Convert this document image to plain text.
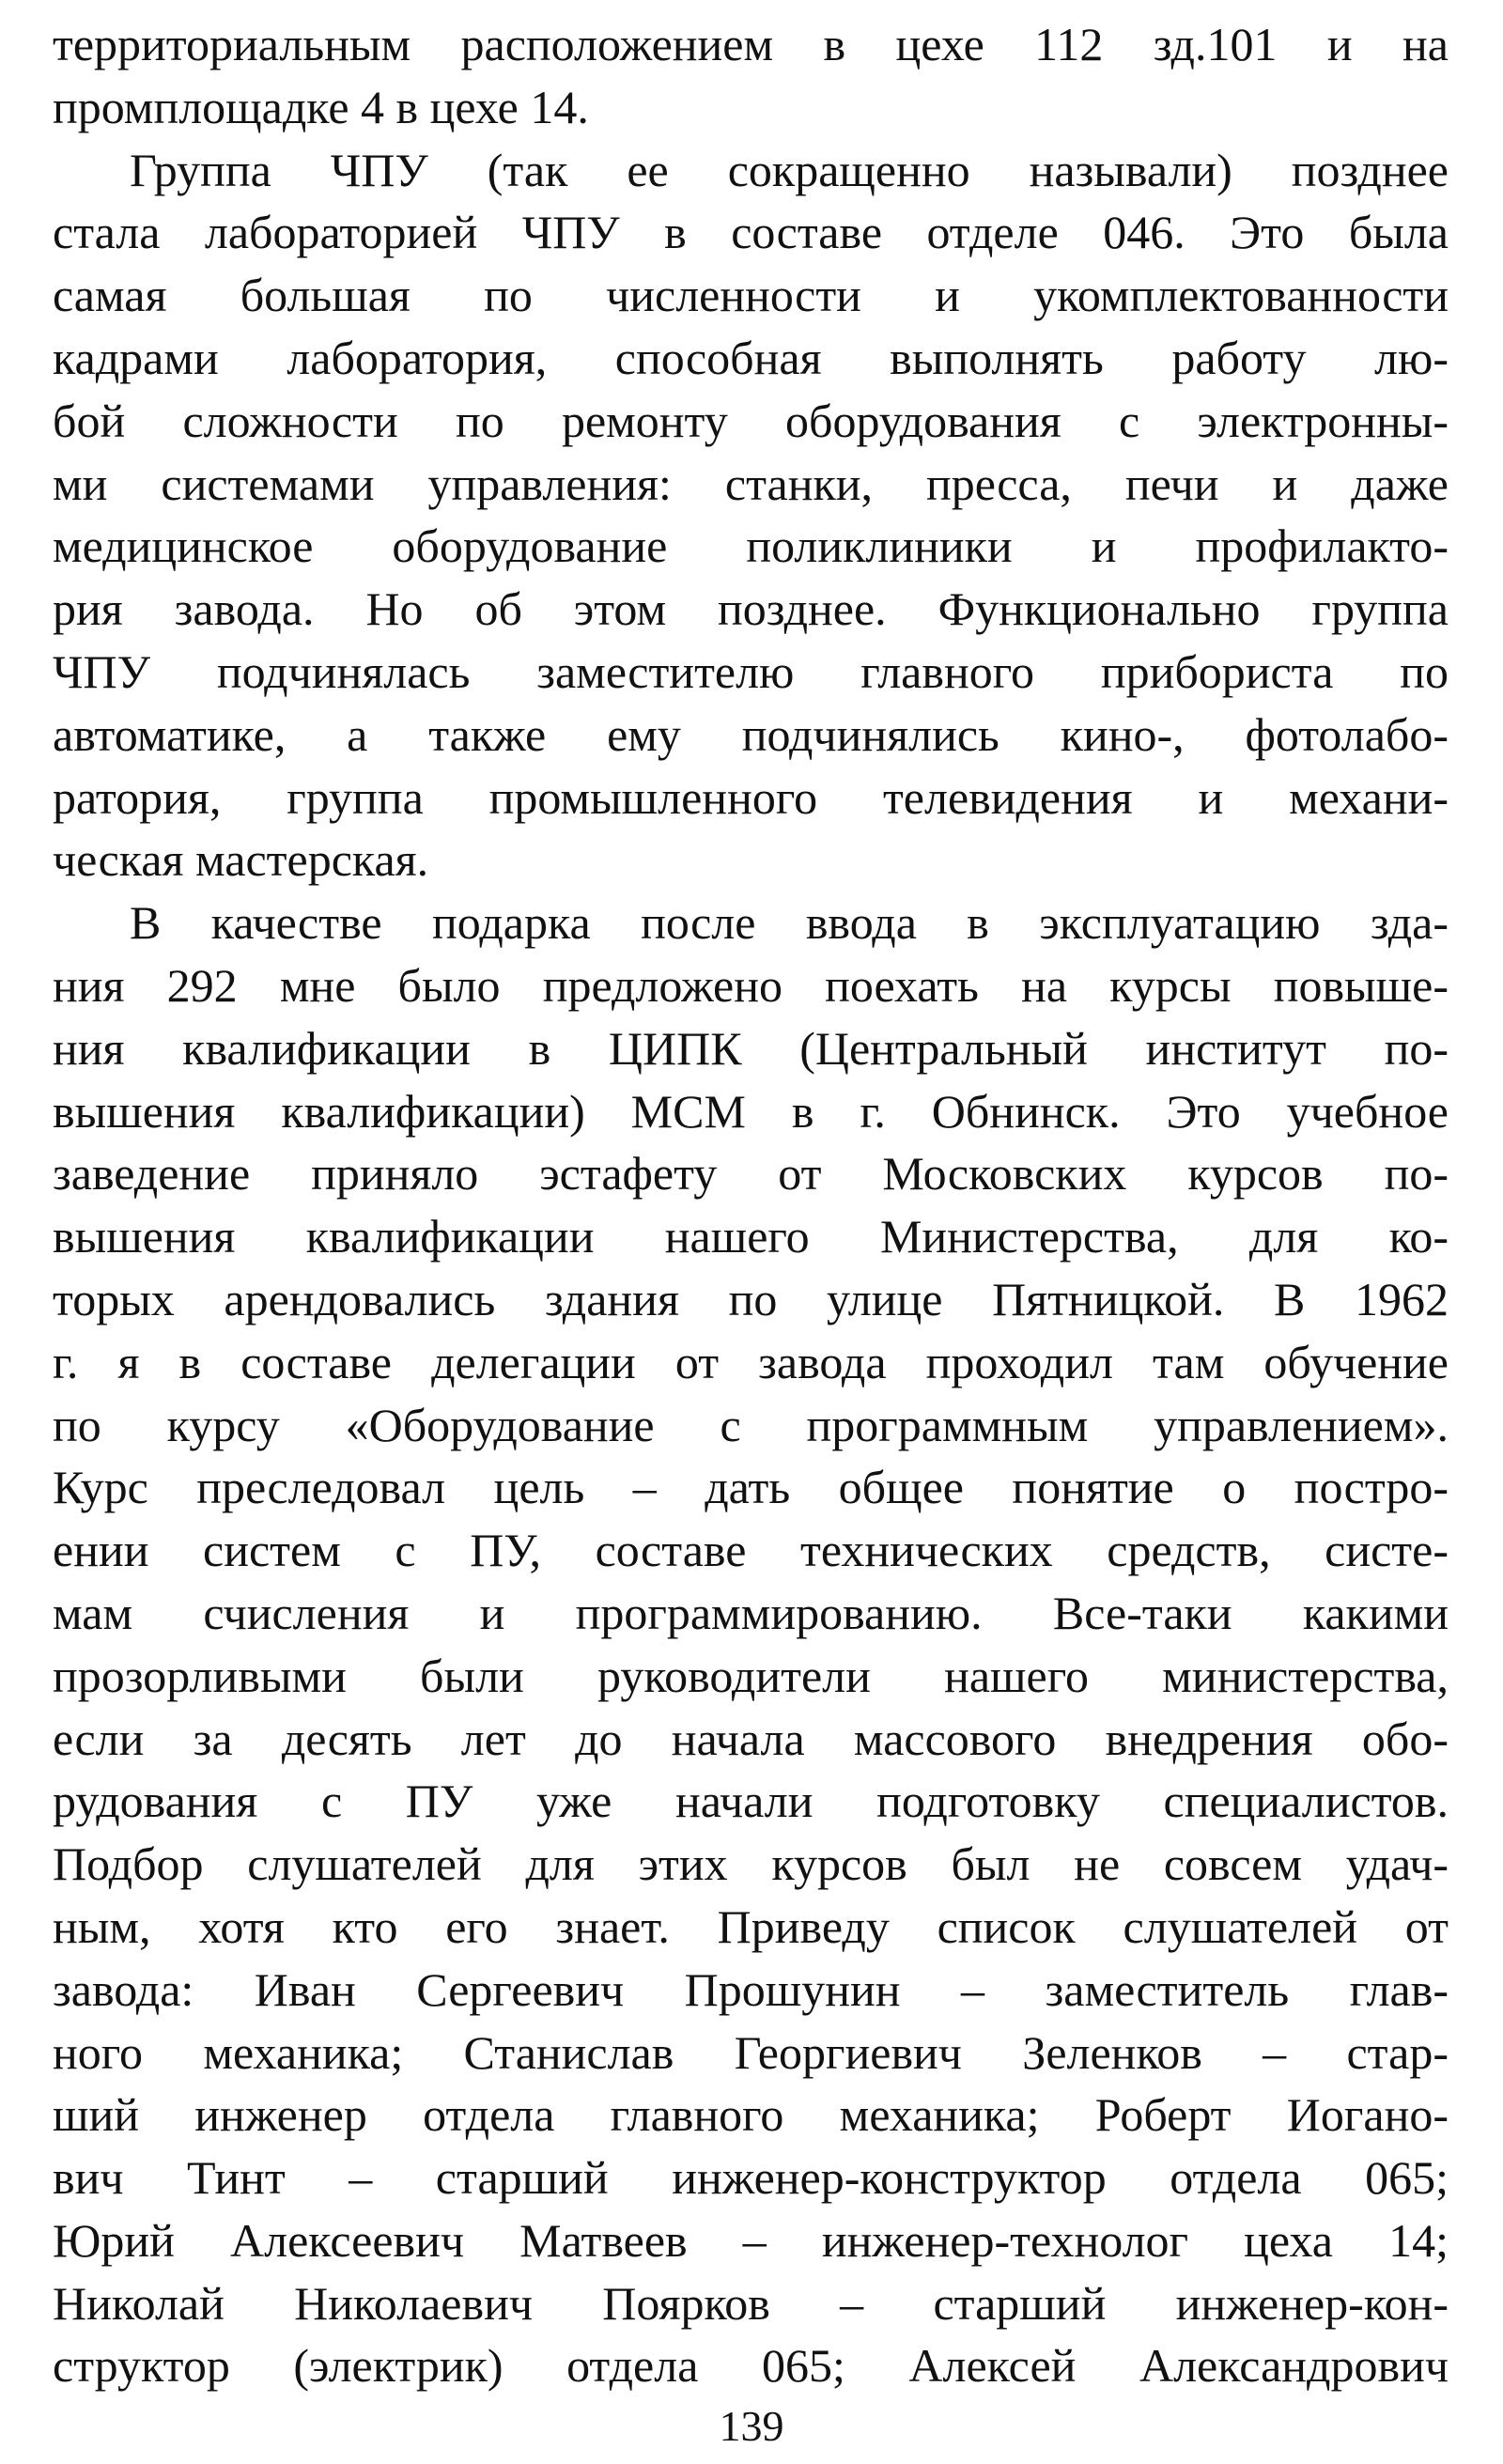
территориальным расположением в цехе 112 зд.101 и на
промплощадке 4 в цехе 14.
Группа ЧПУ (так ее сокращенно называли) позднее
стала лабораторией ЧПУ в составе отделе 046. Это была
самая большая по численности и укомплектованности
кадрами лаборатория, способная выполнять работу лю-
бой сложности по ремонту оборудования с электронны-
ми системами управления: станки, пресса, печи и даже
медицинское оборудование поликлиники и профилакто-
рия завода. Но об этом позднее. Функционально группа
ЧПУ подчинялась заместителю главного прибориста по
автоматике, а также ему подчинялись кино-, фотолабо-
ратория, группа промышленного телевидения и механи-
ческая мастерская.
В качестве подарка после ввода в эксплуатацию зда-
ния 292 мне было предложено поехать на курсы повыше-
ния квалификации в ЦИПК (Центральный институт по-
вышения квалификации) МСМ в г. Обнинск. Это учебное
заведение приняло эстафету от Московских курсов по-
вышения квалификации нашего Министерства, для ко-
торых арендовались здания по улице Пятницкой. В 1962
г. я в составе делегации от завода проходил там обучение
по курсу «Оборудование с программным управлением».
Курс преследовал цель – дать общее понятие о постро-
ении систем с ПУ, составе технических средств, систе-
мам счисления и программированию. Все-таки какими
прозорливыми были руководители нашего министерства,
если за десять лет до начала массового внедрения обо-
рудования с ПУ уже начали подготовку специалистов.
Подбор слушателей для этих курсов был не совсем удач-
ным, хотя кто его знает. Приведу список слушателей от
завода: Иван Сергеевич Прошунин – заместитель глав-
ного механика; Станислав Георгиевич Зеленков – стар-
ший инженер отдела главного механика; Роберт Иогано-
вич Тинт – старший инженер-конструктор отдела 065;
Юрий Алексеевич Матвеев – инженер-технолог цеха 14;
Николай Николаевич Поярков – старший инженер-кон-
структор (электрик) отдела 065; Алексей Александрович
139
